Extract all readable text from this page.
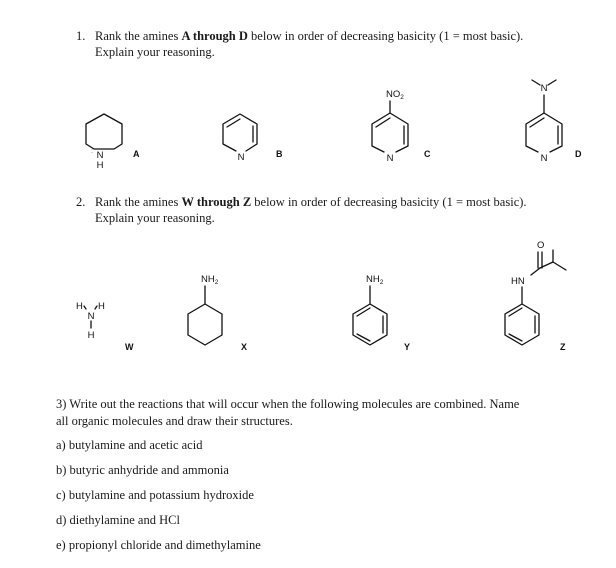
1. Rank the amines A through D below in order of decreasing basicity (1 = most basic).
Explain your reasoning.
2. Rank the amines W through Z below in order of decreasing basicity (1 = most basic).
Explain your reasoning.
N
:
H
A	N	B
$NO_2$
N	C
N
N	D
H H
N
H
W
$NH_2$
X
$NH_2$
Y
O
HN
Z
3) Write out the reactions that will occur when the following molecules are combined. Name
all organic molecules and draw their structures.
a) butylamine and acetic acid
b) butyric anhydride and ammonia
c) butylamine and potassium hydroxide
d) diethylamine and HCl
e) propionyl chloride and dimethylamine
